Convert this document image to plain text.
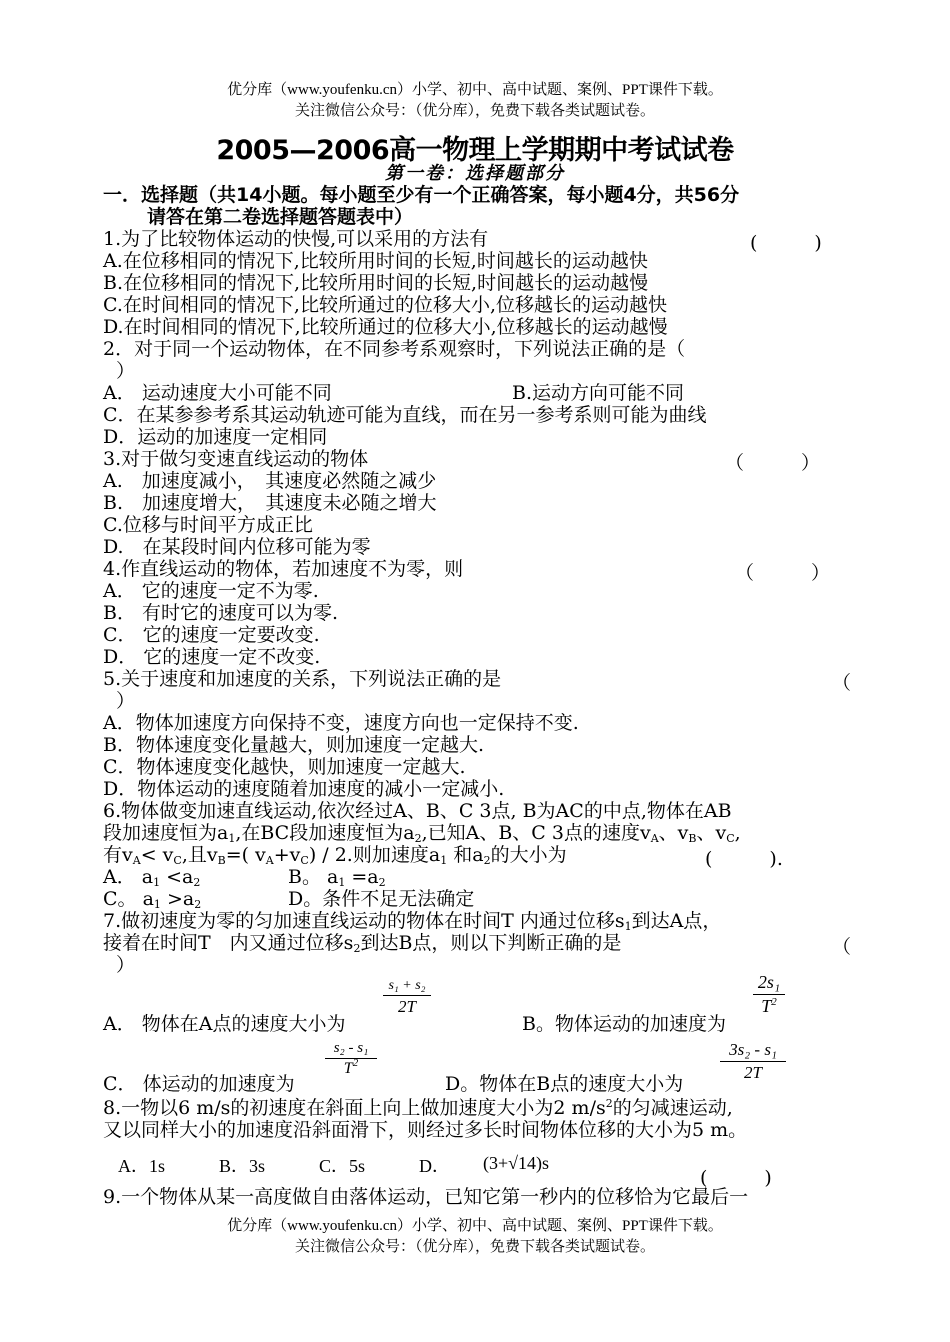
优分库（www.youfenku.cn）小学、初中、高中试题、案例、PPT课件下载。
关注微信公众号：（优分库），免费下载各类试题试卷。
2005—2006高一物理上学期期中考试试卷
第一卷：选择题部分
一．选择题（共14小题。每小题至少有一个正确答案，每小题4分，共56分
请答在第二卷选择题答题表中）
1.为了比较物体运动的快慢,可以采用的方法有	(　　　)
A.在位移相同的情况下,比较所用时间的长短,时间越长的运动越快
B.在位移相同的情况下,比较所用时间的长短,时间越长的运动越慢
C.在时间相同的情况下,比较所通过的位移大小,位移越长的运动越快
D.在时间相同的情况下,比较所通过的位移大小,位移越长的运动越慢
2．对于同一个运动物体，在不同参考系观察时，下列说法正确的是（
）
A． 运动速度大小可能不同	B.运动方向可能不同
C．在某参参考系其运动轨迹可能为直线，而在另一参考系则可能为曲线
D．运动的加速度一定相同
3.对于做匀变速直线运动的物体	（　　　）
A.　加速度减小，　其速度必然随之减少
B.　加速度增大，　其速度未必随之增大
C.位移与时间平方成正比
D.　在某段时间内位移可能为零
4.作直线运动的物体，若加速度不为零，则	（　　　）
A． 它的速度一定不为零.
B． 有时它的速度可以为零.
C． 它的速度一定要改变.
D． 它的速度一定不改变.
5.关于速度和加速度的关系，下列说法正确的是	（
）
A．物体加速度方向保持不变，速度方向也一定保持不变.
B．物体速度变化量越大，则加速度一定越大.
C．物体速度变化越快，则加速度一定越大.
D．物体运动的速度随着加速度的减小一定减小.
6.物体做变加速直线运动,依次经过A、B、C 3点, B为AC的中点,物体在AB
段加速度恒为$a_1$,在BC段加速度恒为$a_2$,已知A、B、C 3点的速度$v_A$、$v_B$、$v_C$,
有$v_A< v_C$,且$v_B=$( $v_A+v_C) / 2$.则加速度$a_1$ 和$a_2$的大小为	(　　　).
A． $a_1 <a_2$	B。 $a_1 =a_2$
C。 $a_1 >a_2$	D。条件不足无法确定
7.做初速度为零的匀加速直线运动的物体在时间T 内通过位移$s_1$到达A点，
接着在时间T　内又通过位移$s_2$到达B点，则以下判断正确的是	（
）
A． 物体在A点的速度大小为
s₁ + s₂
2T
B。物体运动的加速度为
2s₁
$T^2$
C． 体运动的加速度为
s₂ - s₁
$T^2$
D。物体在B点的速度大小为
3s₂ - s₁
2T
8.一物以6 m/s的初速度在斜面上向上做加速度大小为2 $m/s^2$的匀减速运动,
又以同样大小的加速度沿斜面滑下，则经过多长时间物体位移的大小为5 m。
A．1s　　　B．3s　　　C．5s　　　D． (3+√14)s
(　　　)
9.一个物体从某一高度做自由落体运动，已知它第一秒内的位移恰为它最后一
优分库（www.youfenku.cn）小学、初中、高中试题、案例、PPT课件下载。
关注微信公众号：（优分库），免费下载各类试题试卷。
